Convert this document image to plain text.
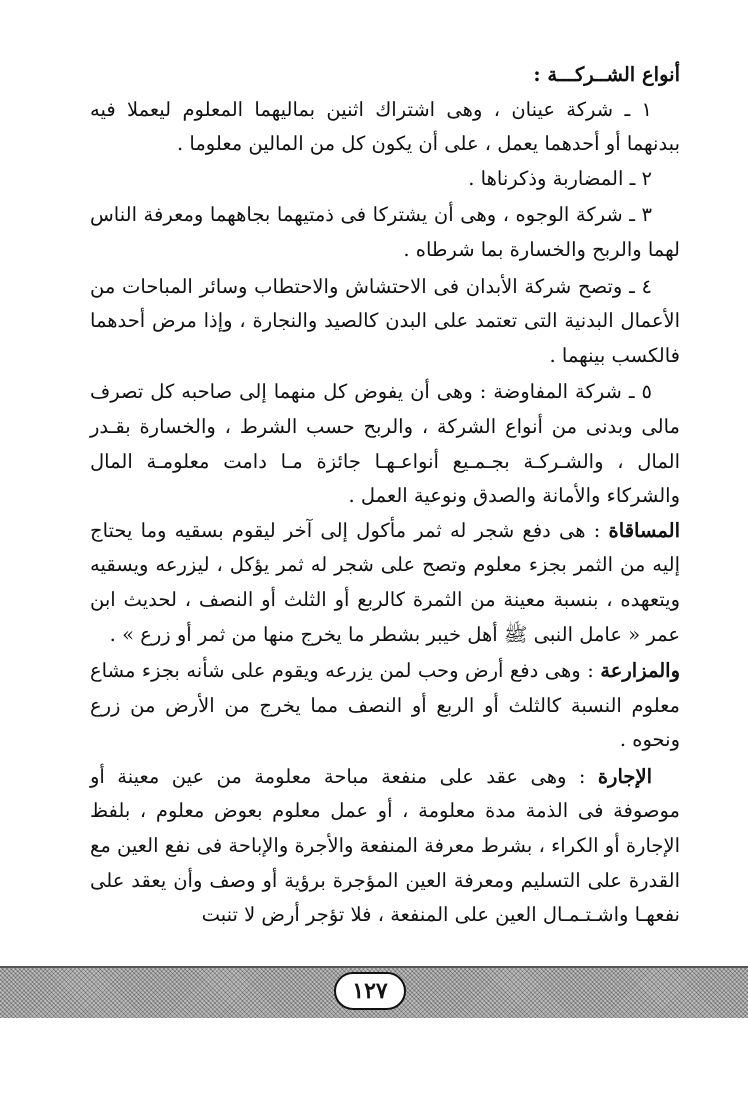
أنواع الشــركـــة :

١ ـ شركة عينان ، وهى اشتراك اثنين بماليهما المعلوم ليعملا فيه ببدنهما أو أحدهما يعمل ، على أن يكون كل من المالين معلوما .

٢ ـ المضاربة وذكرناها .

٣ ـ شركة الوجوه ، وهى أن يشتركا فى ذمتيهما بجاههما ومعرفة الناس لهما والربح والخسارة بما شرطاه .

٤ ـ وتصح شركة الأبدان فى الاحتشاش والاحتطاب وسائر المباحات من الأعمال البدنية التى تعتمد على البدن كالصيد والنجارة ، وإذا مرض أحدهما فالكسب بينهما .

٥ ـ شركة المفاوضة : وهى أن يفوض كل منهما إلى صاحبه كل تصرف مالى وبدنى من أنواع الشركة ، والربح حسب الشرط ، والخسارة بقـدر المال ، والشـركـة بجـمـيع أنواعـهـا جائزة مـا دامت معلومـة المال والشركاء والأمانة والصدق ونوعية العمل .

المساقاة : هى دفع شجر له ثمر مأكول إلى آخر ليقوم بسقيه وما يحتاج إليه من الثمر بجزء معلوم وتصح على شجر له ثمر يؤكل ، ليزرعه ويسقيه ويتعهده ، بنسبة معينة من الثمرة كالربع أو الثلث أو النصف ، لحديث ابن عمر « عامل النبى ﷺ أهل خيبر بشطر ما يخرج منها من ثمر أو زرع » .

والمزارعة : وهى دفع أرض وحب لمن يزرعه ويقوم على شأنه بجزء مشاع معلوم النسبة كالثلث أو الربع أو النصف مما يخرج من الأرض من زرع ونحوه .

الإجارة : وهى عقد على منفعة مباحة معلومة من عين معينة أو موصوفة فى الذمة مدة معلومة ، أو عمل معلوم بعوض معلوم ، بلفظ الإجارة أو الكراء ، بشرط معرفة المنفعة والأجرة والإباحة فى نفع العين مع القدرة على التسليم ومعرفة العين المؤجرة برؤية أو وصف وأن يعقد على نفعهـا واشـتـمـال العين على المنفعة ، فلا تؤجر أرض لا تنبت

١٢٧
